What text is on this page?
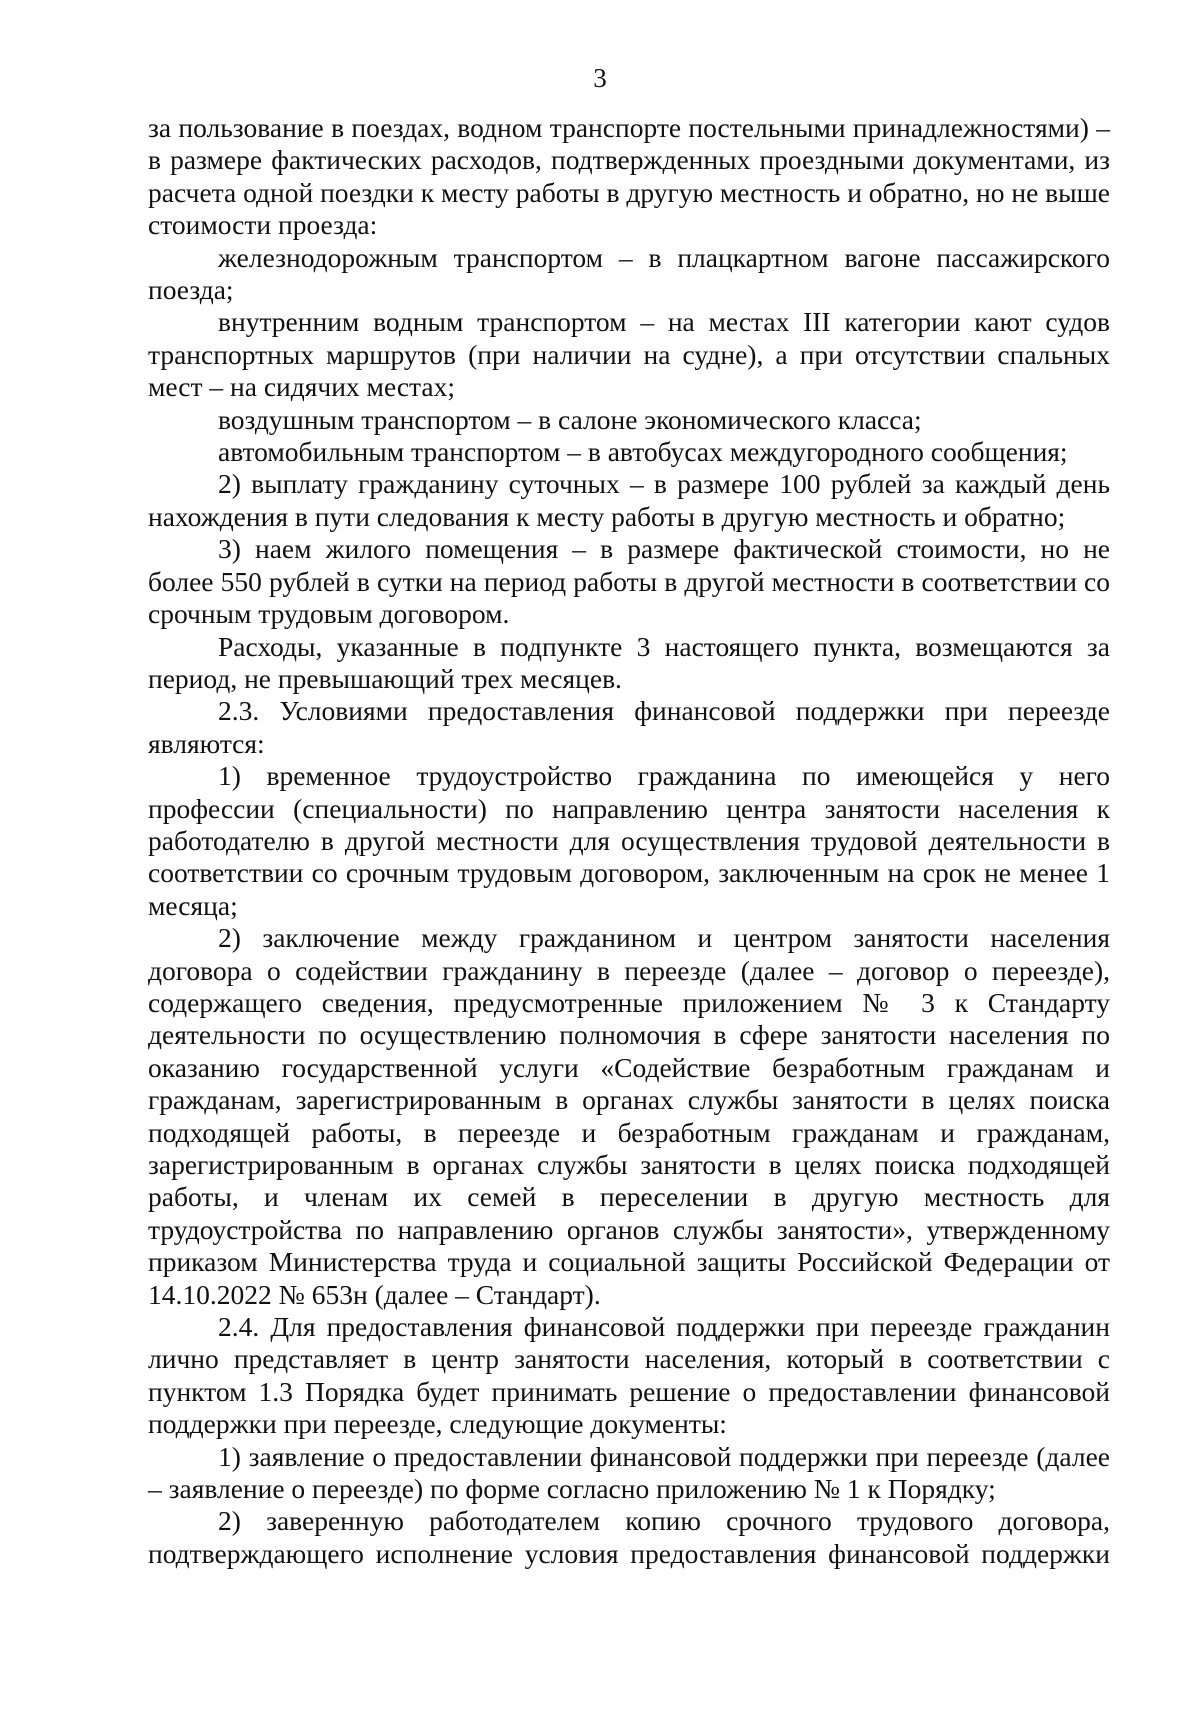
3

за пользование в поездах, водном транспорте постельными принадлежностями) – в размере фактических расходов, подтвержденных проездными документами, из расчета одной поездки к месту работы в другую местность и обратно, но не выше стоимости проезда:

железнодорожным транспортом – в плацкартном вагоне пассажирского поезда;

внутренним водным транспортом – на местах III категории кают судов транспортных маршрутов (при наличии на судне), а при отсутствии спальных мест – на сидячих местах;

воздушным транспортом – в салоне экономического класса;

автомобильным транспортом – в автобусах междугородного сообщения;

2) выплату гражданину суточных – в размере 100 рублей за каждый день нахождения в пути следования к месту работы в другую местность и обратно;

3) наем жилого помещения – в размере фактической стоимости, но не более 550 рублей в сутки на период работы в другой местности в соответствии со срочным трудовым договором.

Расходы, указанные в подпункте 3 настоящего пункта, возмещаются за период, не превышающий трех месяцев.

2.3. Условиями предоставления финансовой поддержки при переезде являются:

1) временное трудоустройство гражданина по имеющейся у него профессии (специальности) по направлению центра занятости населения к работодателю в другой местности для осуществления трудовой деятельности в соответствии со срочным трудовым договором, заключенным на срок не менее 1 месяца;

2) заключение между гражданином и центром занятости населения договора о содействии гражданину в переезде (далее – договор о переезде), содержащего сведения, предусмотренные приложением № 3 к Стандарту деятельности по осуществлению полномочия в сфере занятости населения по оказанию государственной услуги «Содействие безработным гражданам и гражданам, зарегистрированным в органах службы занятости в целях поиска подходящей работы, в переезде и безработным гражданам и гражданам, зарегистрированным в органах службы занятости в целях поиска подходящей работы, и членам их семей в переселении в другую местность для трудоустройства по направлению органов службы занятости», утвержденному приказом Министерства труда и социальной защиты Российской Федерации от 14.10.2022 № 653н (далее – Стандарт).

2.4. Для предоставления финансовой поддержки при переезде гражданин лично представляет в центр занятости населения, который в соответствии с пунктом 1.3 Порядка будет принимать решение о предоставлении финансовой поддержки при переезде, следующие документы:

1) заявление о предоставлении финансовой поддержки при переезде (далее – заявление о переезде) по форме согласно приложению № 1 к Порядку;

2) заверенную работодателем копию срочного трудового договора, подтверждающего исполнение условия предоставления финансовой поддержки
